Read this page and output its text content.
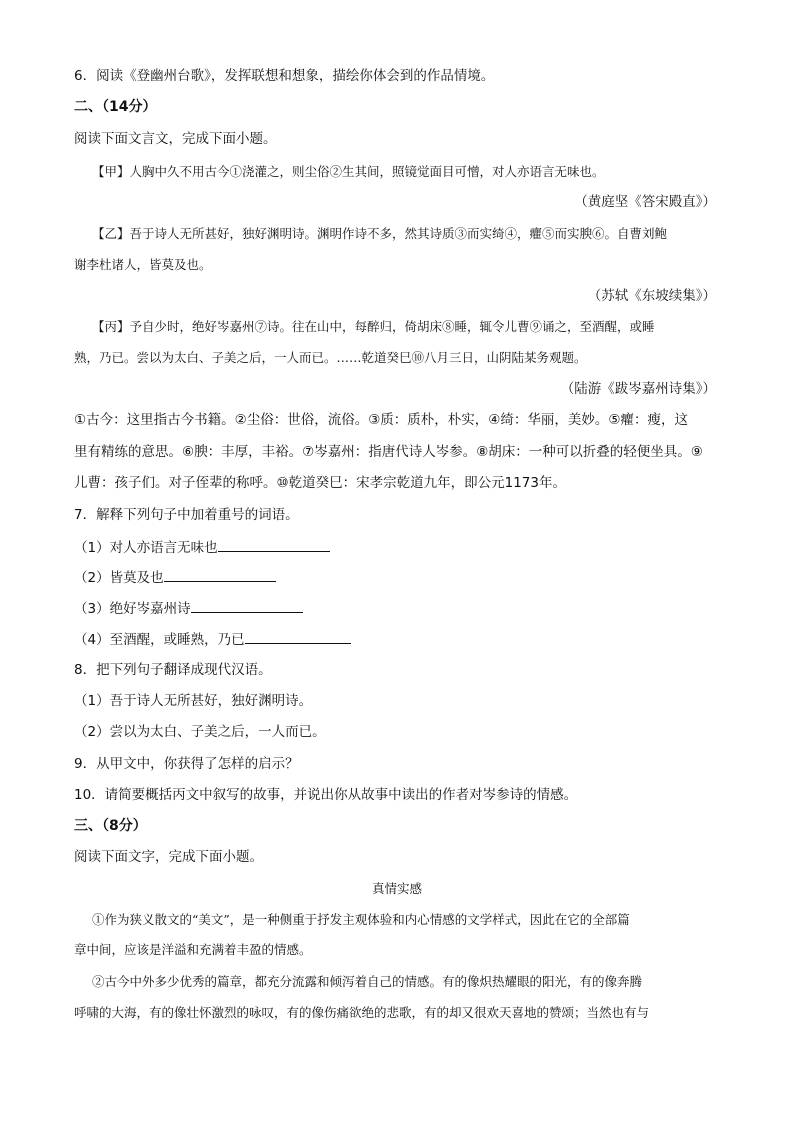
6．阅读《登幽州台歌》，发挥联想和想象，描绘你体会到的作品情境。
二、（14分）
阅读下面文言文，完成下面小题。
【甲】人胸中久不用古今①浇灌之，则尘俗②生其间，照镜觉面目可憎，对人亦语言无味也。
（黄庭坚《答宋殿直》）
【乙】吾于诗人无所甚好，独好渊明诗。渊明作诗不多，然其诗质③而实绮④，癯⑤而实腴⑥。自曹刘鲍
谢李杜诸人，皆莫及也。
（苏轼《东坡续集》）
【丙】予自少时，绝好岑嘉州⑦诗。往在山中，每醉归，倚胡床⑧睡，辄令儿曹⑨诵之，至酒醒，或睡
熟，乃已。尝以为太白、子美之后，一人而已。……乾道癸巳⑩八月三日，山阴陆某务观题。
（陆游《跋岑嘉州诗集》）
①古今：这里指古今书籍。②尘俗：世俗，流俗。③质：质朴，朴实，④绮：华丽，美妙。⑤癯：瘦，这
里有精练的意思。⑥腴：丰厚，丰裕。⑦岑嘉州：指唐代诗人岑参。⑧胡床：一种可以折叠的轻便坐具。⑨
儿曹：孩子们。对子侄辈的称呼。⑩乾道癸巳：宋孝宗乾道九年，即公元1173年。
7．解释下列句子中加着重号的词语。
（1）对人亦语言无味也
（2）皆莫及也
（3）绝好岑嘉州诗
（4）至酒醒，或睡熟，乃已
8．把下列句子翻译成现代汉语。
（1）吾于诗人无所甚好，独好渊明诗。
（2）尝以为太白、子美之后，一人而已。
9．从甲文中，你获得了怎样的启示？
10．请简要概括丙文中叙写的故事，并说出你从故事中读出的作者对岑参诗的情感。
三、（8分）
阅读下面文字，完成下面小题。
真情实感
①作为狭义散文的“美文”，是一种侧重于抒发主观体验和内心情感的文学样式，因此在它的全部篇
章中间，应该是洋溢和充满着丰盈的情感。
②古今中外多少优秀的篇章，都充分流露和倾泻着自己的情感。有的像炽热耀眼的阳光，有的像奔腾
呼啸的大海，有的像壮怀激烈的咏叹，有的像伤痛欲绝的悲歌，有的却又很欢天喜地的赞颂；当然也有与
